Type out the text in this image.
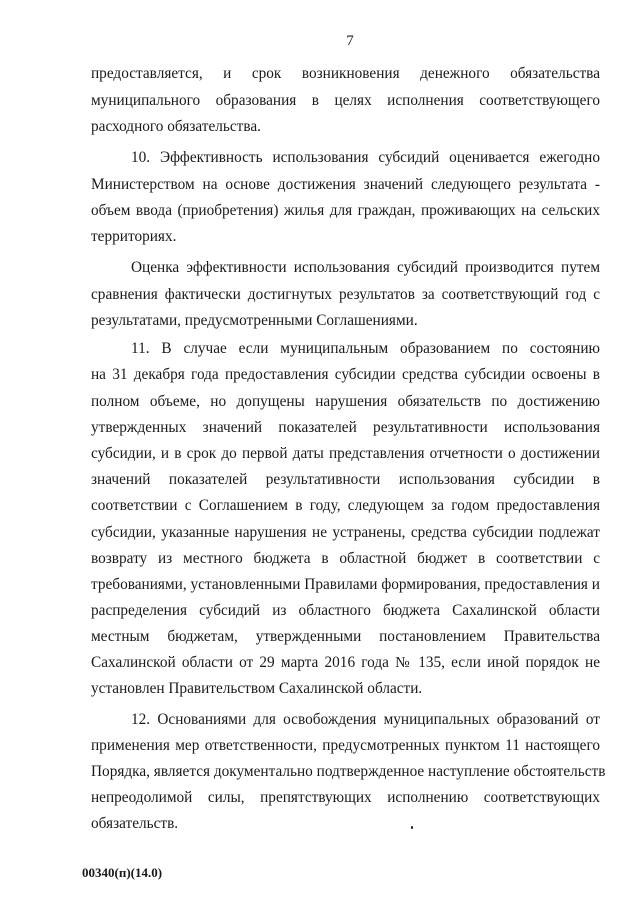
7
предоставляется, и срок возникновения денежного обязательства
муниципального образования в целях исполнения соответствующего
расходного обязательства.
10. Эффективность использования субсидий оценивается ежегодно
Министерством на основе достижения значений следующего результата -
объем ввода (приобретения) жилья для граждан, проживающих на сельских
территориях.
Оценка эффективности использования субсидий производится путем
сравнения фактически достигнутых результатов за соответствующий год с
результатами, предусмотренными Соглашениями.
11. В случае если муниципальным образованием по состоянию
на 31 декабря года предоставления субсидии средства субсидии освоены в
полном объеме, но допущены нарушения обязательств по достижению
утвержденных значений показателей результативности использования
субсидии, и в срок до первой даты представления отчетности о достижении
значений показателей результативности использования субсидии в
соответствии с Соглашением в году, следующем за годом предоставления
субсидии, указанные нарушения не устранены, средства субсидии подлежат
возврату из местного бюджета в областной бюджет в соответствии с
требованиями, установленными Правилами формирования, предоставления и
распределения субсидий из областного бюджета Сахалинской области
местным бюджетам, утвержденными постановлением Правительства
Сахалинской области от 29 марта 2016 года № 135, если иной порядок не
установлен Правительством Сахалинской области.
12. Основаниями для освобождения муниципальных образований от
применения мер ответственности, предусмотренных пунктом 11 настоящего
Порядка, является документально подтвержденное наступление обстоятельств
непреодолимой силы, препятствующих исполнению соответствующих
обязательств.
00340(п)(14.0)
